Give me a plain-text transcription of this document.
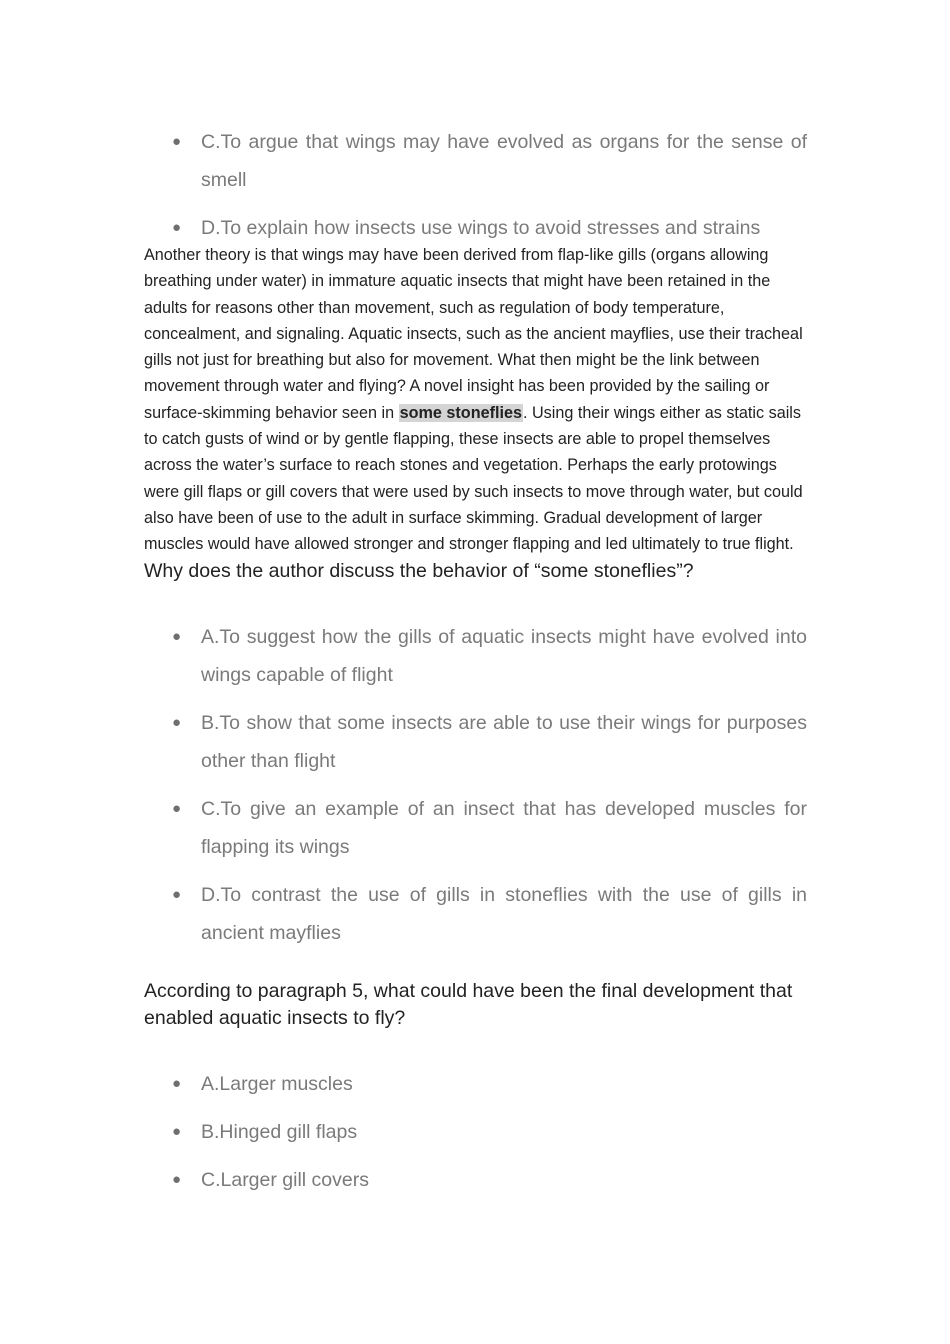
● C.To argue that wings may have evolved as organs for the sense of smell
● D.To explain how insects use wings to avoid stresses and strains

Another theory is that wings may have been derived from flap-like gills (organs allowing breathing under water) in immature aquatic insects that might have been retained in the adults for reasons other than movement, such as regulation of body temperature, concealment, and signaling. Aquatic insects, such as the ancient mayflies, use their tracheal gills not just for breathing but also for movement. What then might be the link between movement through water and flying? A novel insight has been provided by the sailing or surface-skimming behavior seen in some stoneflies. Using their wings either as static sails to catch gusts of wind or by gentle flapping, these insects are able to propel themselves across the water’s surface to reach stones and vegetation. Perhaps the early protowings were gill flaps or gill covers that were used by such insects to move through water, but could also have been of use to the adult in surface skimming. Gradual development of larger muscles would have allowed stronger and stronger flapping and led ultimately to true flight.

Why does the author discuss the behavior of “some stoneflies”?

● A.To suggest how the gills of aquatic insects might have evolved into wings capable of flight
● B.To show that some insects are able to use their wings for purposes other than flight
● C.To give an example of an insect that has developed muscles for flapping its wings
● D.To contrast the use of gills in stoneflies with the use of gills in ancient mayflies

According to paragraph 5, what could have been the final development that enabled aquatic insects to fly?

● A.Larger muscles
● B.Hinged gill flaps
● C.Larger gill covers
